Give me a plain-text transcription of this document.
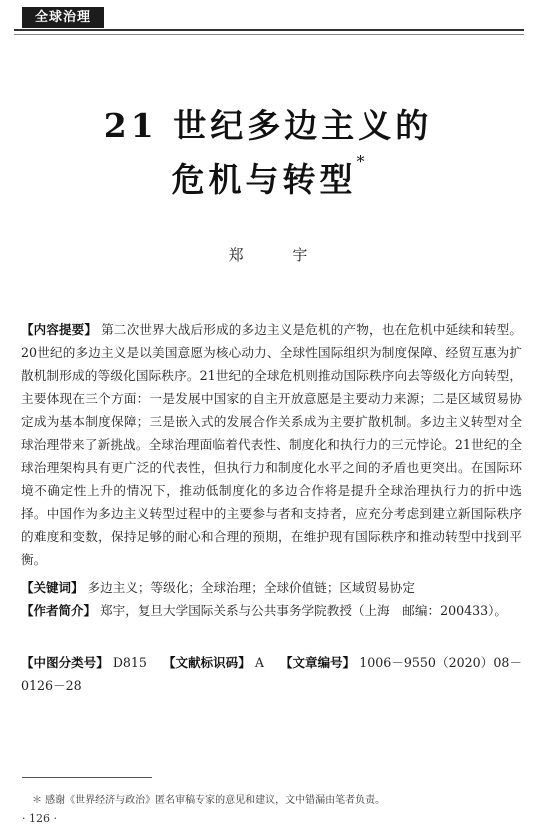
全球治理
21 世纪多边主义的
危机与转型*
郑 宇
【内容提要】 第二次世界大战后形成的多边主义是危机的产物，也在危机中延续和转型。20世纪的多边主义是以美国意愿为核心动力、全球性国际组织为制度保障、经贸互惠为扩散机制形成的等级化国际秩序。21世纪的全球危机则推动国际秩序向去等级化方向转型，主要体现在三个方面：一是发展中国家的自主开放意愿是主要动力来源；二是区域贸易协定成为基本制度保障；三是嵌入式的发展合作关系成为主要扩散机制。多边主义转型对全球治理带来了新挑战。全球治理面临着代表性、制度化和执行力的三元悖论。21世纪的全球治理架构具有更广泛的代表性，但执行力和制度化水平之间的矛盾也更突出。在国际环境不确定性上升的情况下，推动低制度化的多边合作将是提升全球治理执行力的折中选择。中国作为多边主义转型过程中的主要参与者和支持者，应充分考虑到建立新国际秩序的难度和变数，保持足够的耐心和合理的预期，在维护现有国际秩序和推动转型中找到平衡。
【关键词】 多边主义；等级化；全球治理；全球价值链；区域贸易协定
【作者简介】 郑宇，复旦大学国际关系与公共事务学院教授（上海　邮编：200433）。
【中图分类号】 D815 【文献标识码】 A 【文章编号】 1006－9550（2020）08－0126－28
＊ 感谢《世界经济与政治》匿名审稿专家的意见和建议，文中错漏由笔者负责。
· 126 ·
